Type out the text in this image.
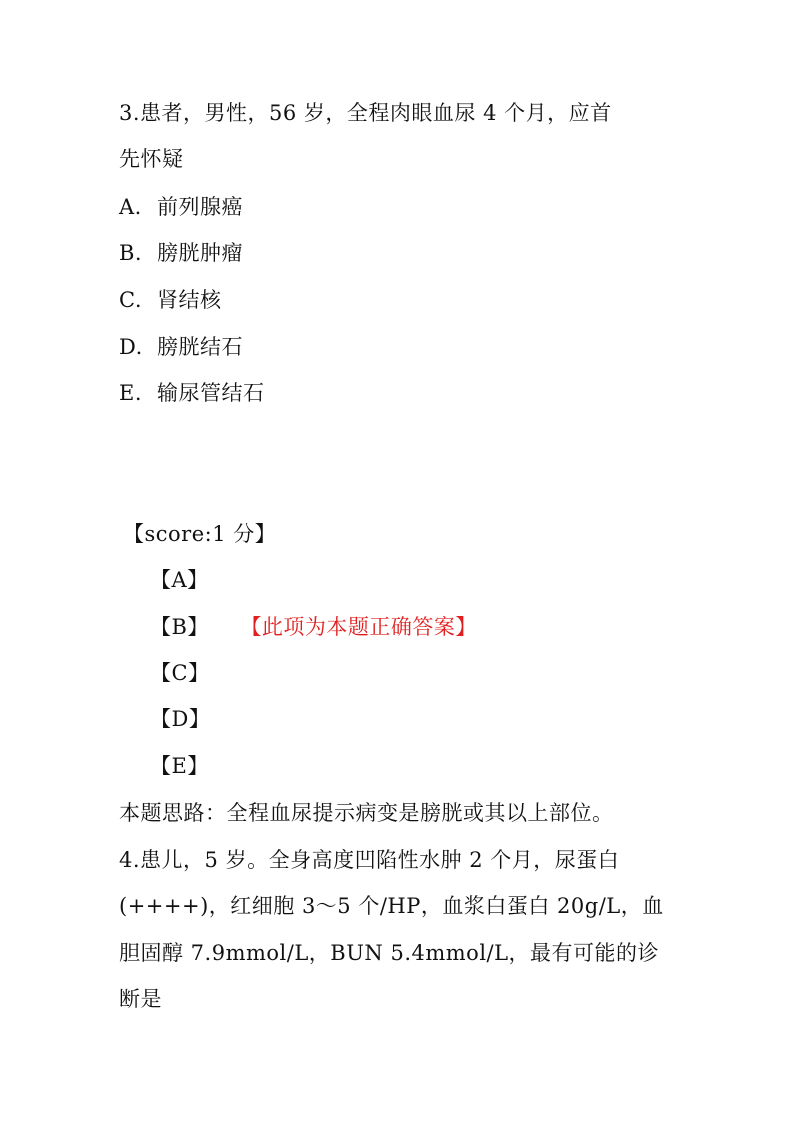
3.患者，男性，56 岁，全程肉眼血尿 4 个月，应首
先怀疑
A. 前列腺癌
B. 膀胱肿瘤
C. 肾结核
D. 膀胱结石
E. 输尿管结石
【score:1 分】
【A】
【B】 【此项为本题正确答案】
【C】
【D】
【E】
本题思路：全程血尿提示病变是膀胱或其以上部位。
4.患儿，5 岁。全身高度凹陷性水肿 2 个月，尿蛋白
(++++)，红细胞 3～5 个/HP，血浆白蛋白 20g/L，血
胆固醇 7.9mmol/L，BUN 5.4mmol/L，最有可能的诊
断是
